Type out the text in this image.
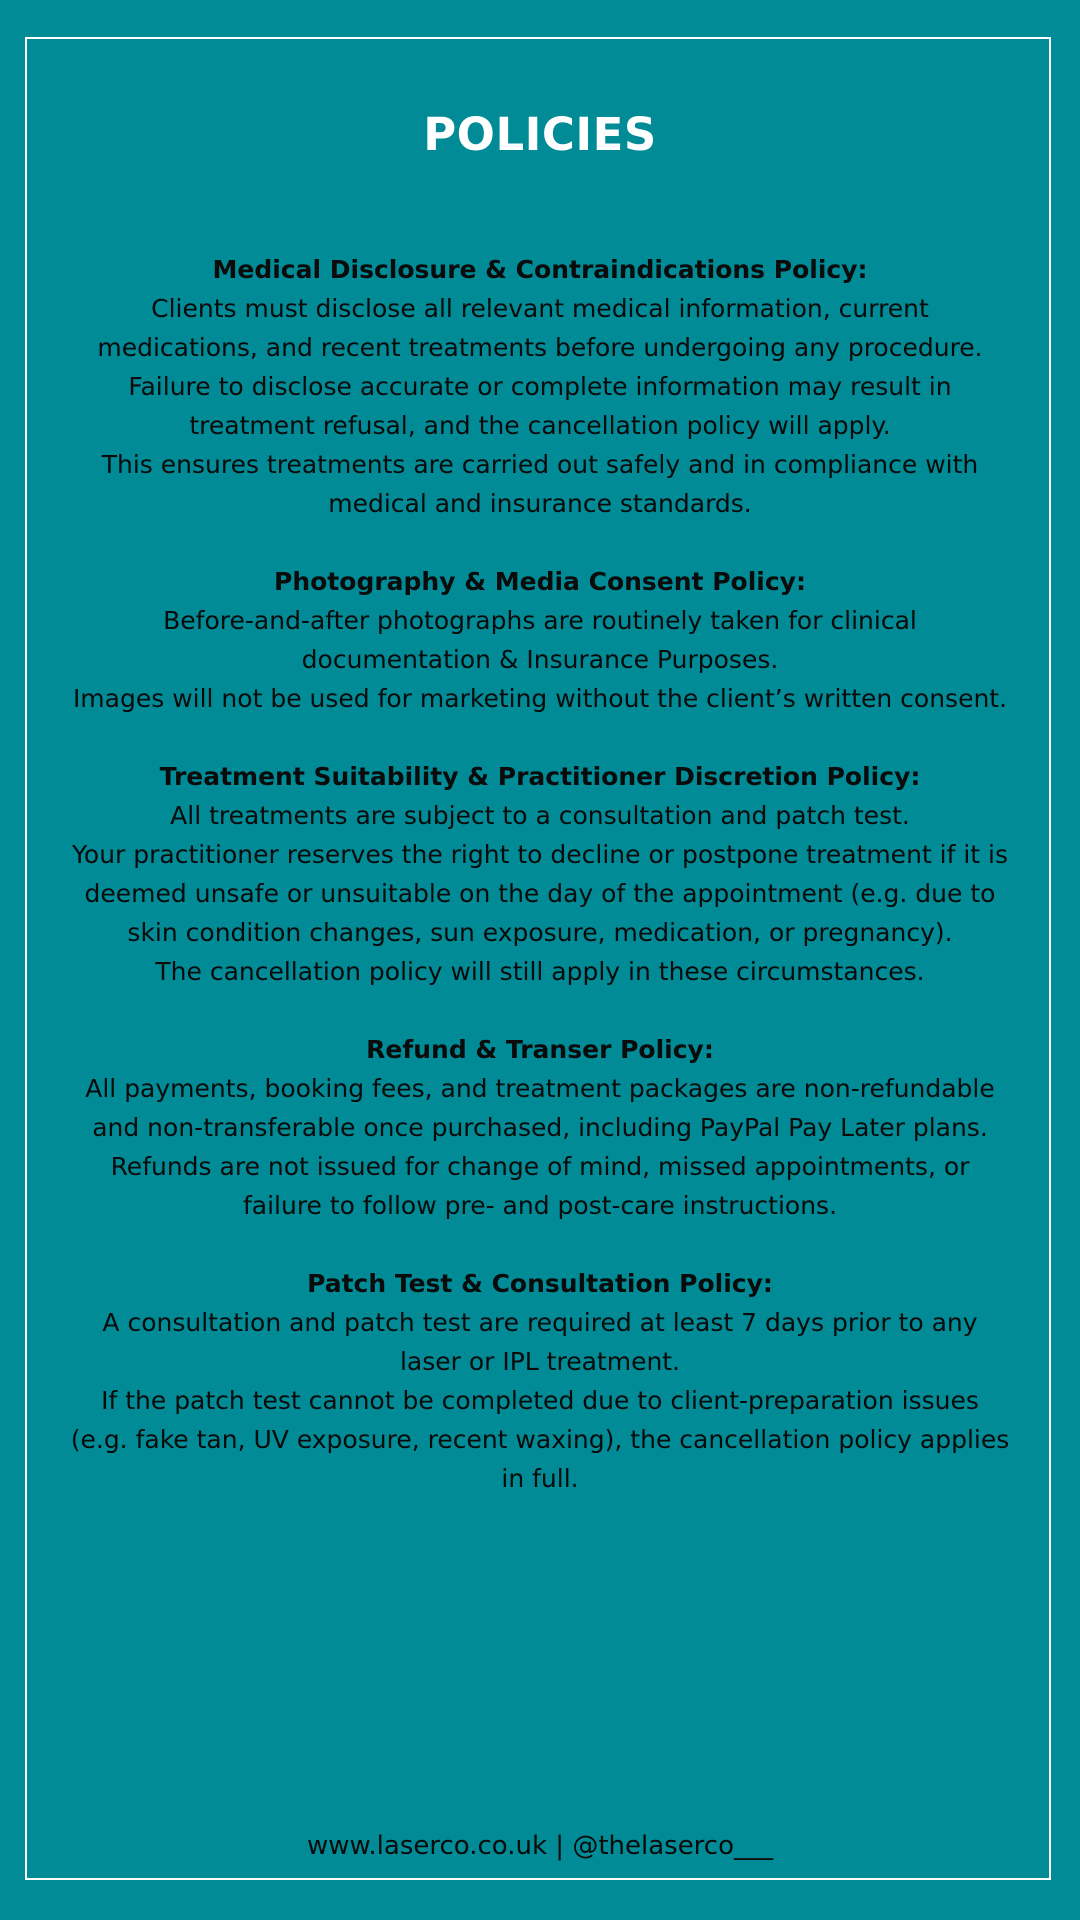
POLICIES
Medical Disclosure & Contraindications Policy:
Clients must disclose all relevant medical information, current medications, and recent treatments before undergoing any procedure.
Failure to disclose accurate or complete information may result in treatment refusal, and the cancellation policy will apply.
This ensures treatments are carried out safely and in compliance with medical and insurance standards.
Photography & Media Consent Policy:
Before-and-after photographs are routinely taken for clinical documentation & Insurance Purposes.
Images will not be used for marketing without the client’s written consent.
Treatment Suitability & Practitioner Discretion Policy:
All treatments are subject to a consultation and patch test.
Your practitioner reserves the right to decline or postpone treatment if it is deemed unsafe or unsuitable on the day of the appointment (e.g. due to skin condition changes, sun exposure, medication, or pregnancy).
The cancellation policy will still apply in these circumstances.
Refund & Transer Policy:
All payments, booking fees, and treatment packages are non-refundable and non-transferable once purchased, including PayPal Pay Later plans.
Refunds are not issued for change of mind, missed appointments, or failure to follow pre- and post-care instructions.
Patch Test & Consultation Policy:
A consultation and patch test are required at least 7 days prior to any laser or IPL treatment.
If the patch test cannot be completed due to client-preparation issues (e.g. fake tan, UV exposure, recent waxing), the cancellation policy applies in full.
www.laserco.co.uk | @thelaserco___
